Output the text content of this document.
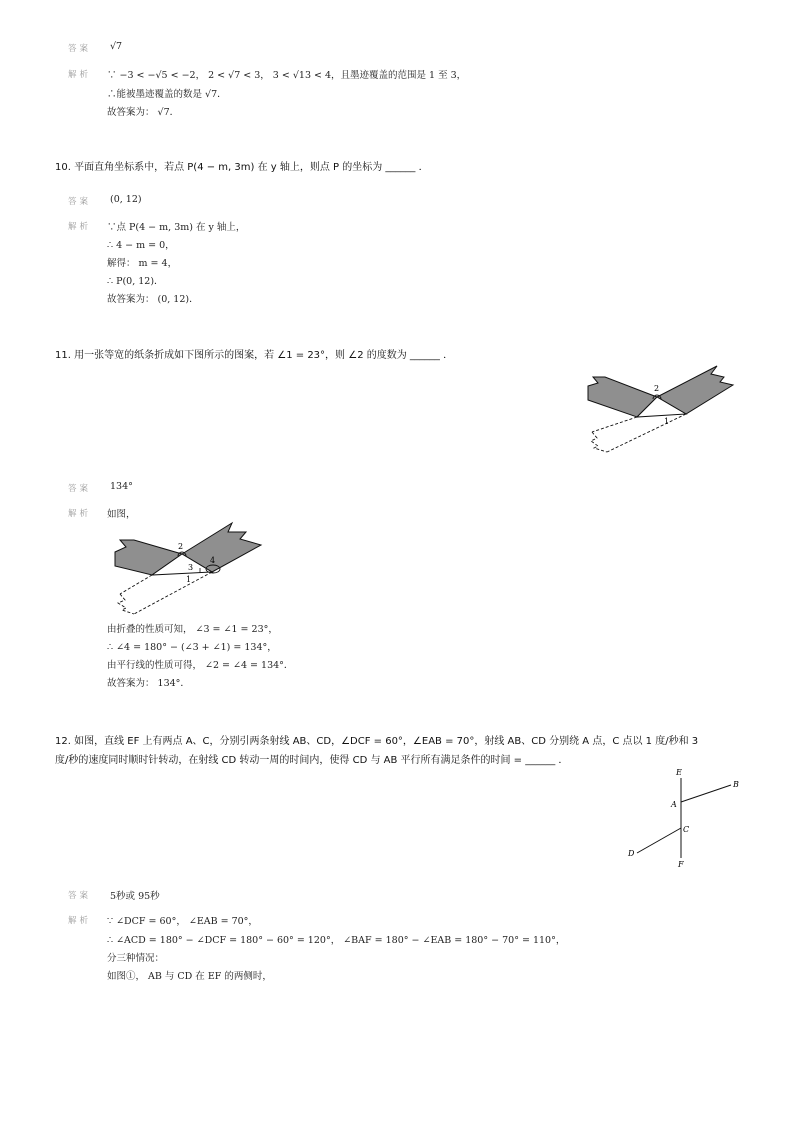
答案 √7
解析 ∵ −3 < −√5 < −2， 2 < √7 < 3， 3 < √13 < 4，且墨迹覆盖的范围是 1 至 3，
∴能被墨迹覆盖的数是 √7．
故答案为： √7．
10. 平面直角坐标系中，若点 P(4 − m, 3m) 在 y 轴上，则点 P 的坐标为 ______ ．
答案 (0, 12)
解析 ∵点 P(4 − m, 3m) 在 y 轴上，
∴ 4 − m = 0，
解得： m = 4，
∴ P(0, 12)．
故答案为： (0, 12)．
11. 用一张等宽的纸条折成如下图所示的图案，若 ∠1 = 23°，则 ∠2 的度数为 ______ ．
2
1
答案 134°
解析 如图，
2
4
3
1
由折叠的性质可知， ∠3 = ∠1 = 23°，
∴ ∠4 = 180° − (∠3 + ∠1) = 134°，
由平行线的性质可得， ∠2 = ∠4 = 134°．
故答案为： 134°．
12. 如图，直线 EF 上有两点 A、C，分别引两条射线 AB、CD，∠DCF = 60°，∠EAB = 70°，射线 AB、CD 分别绕 A 点，C 点以 1 度/秒和 3
度/秒的速度同时顺时针转动，在射线 CD 转动一周的时间内，使得 CD 与 AB 平行所有满足条件的时间 = ______ ．
E
B
A
C
D
F
答案 5秒或 95秒
解析 ∵ ∠DCF = 60°， ∠EAB = 70°，
∴ ∠ACD = 180° − ∠DCF = 180° − 60° = 120°， ∠BAF = 180° − ∠EAB = 180° − 70° = 110°，
分三种情况：
如图①， AB 与 CD 在 EF 的两侧时，
